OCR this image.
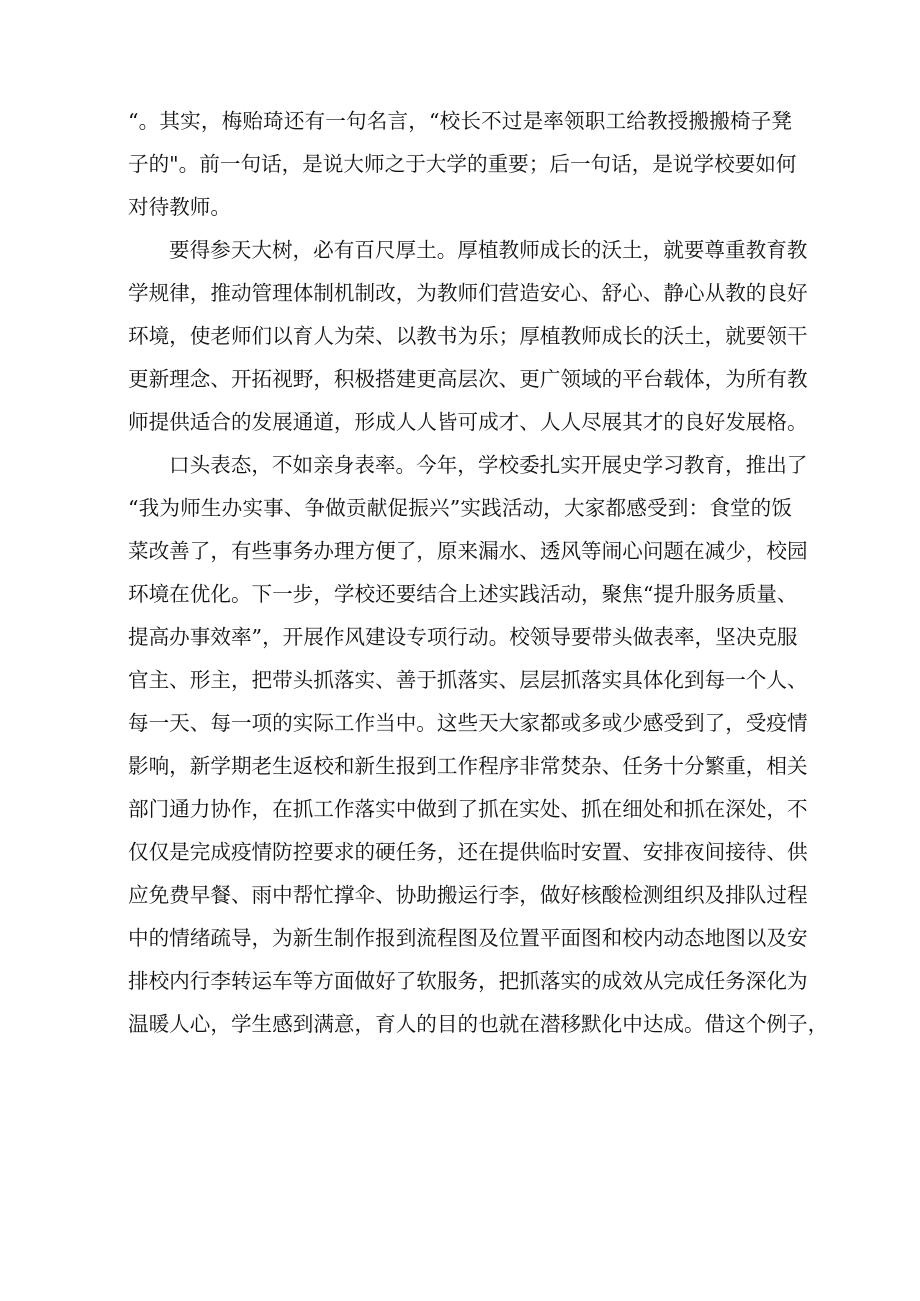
“。其实，梅贻琦还有一句名言，“校长不过是率领职工给教授搬搬椅子凳
子的"。前一句话，是说大师之于大学的重要；后一句话，是说学校要如何
对待教师。
要得参天大树，必有百尺厚土。厚植教师成长的沃土，就要尊重教育教
学规律，推动管理体制机制改，为教师们营造安心、舒心、静心从教的良好
环境，使老师们以育人为荣、以教书为乐；厚植教师成长的沃土，就要领干
更新理念、开拓视野，积极搭建更高层次、更广领域的平台载体，为所有教
师提供适合的发展通道，形成人人皆可成才、人人尽展其才的良好发展格。
口头表态，不如亲身表率。今年，学校委扎实开展史学习教育，推出了
“我为师生办实事、争做贡献促振兴”实践活动，大家都感受到：食堂的饭
菜改善了，有些事务办理方便了，原来漏水、透风等闹心问题在减少，校园
环境在优化。下一步，学校还要结合上述实践活动，聚焦“提升服务质量、
提高办事效率”，开展作风建设专项行动。校领导要带头做表率，坚决克服
官主、形主，把带头抓落实、善于抓落实、层层抓落实具体化到每一个人、
每一天、每一项的实际工作当中。这些天大家都或多或少感受到了，受疫情
影响，新学期老生返校和新生报到工作程序非常焚杂、任务十分繁重，相关
部门通力协作，在抓工作落实中做到了抓在实处、抓在细处和抓在深处，不
仅仅是完成疫情防控要求的硬任务，还在提供临时安置、安排夜间接待、供
应免费早餐、雨中帮忙撑伞、协助搬运行李，做好核酸检测组织及排队过程
中的情绪疏导，为新生制作报到流程图及位置平面图和校内动态地图以及安
排校内行李转运车等方面做好了软服务，把抓落实的成效从完成任务深化为
温暖人心，学生感到满意，育人的目的也就在潜移默化中达成。借这个例子，
